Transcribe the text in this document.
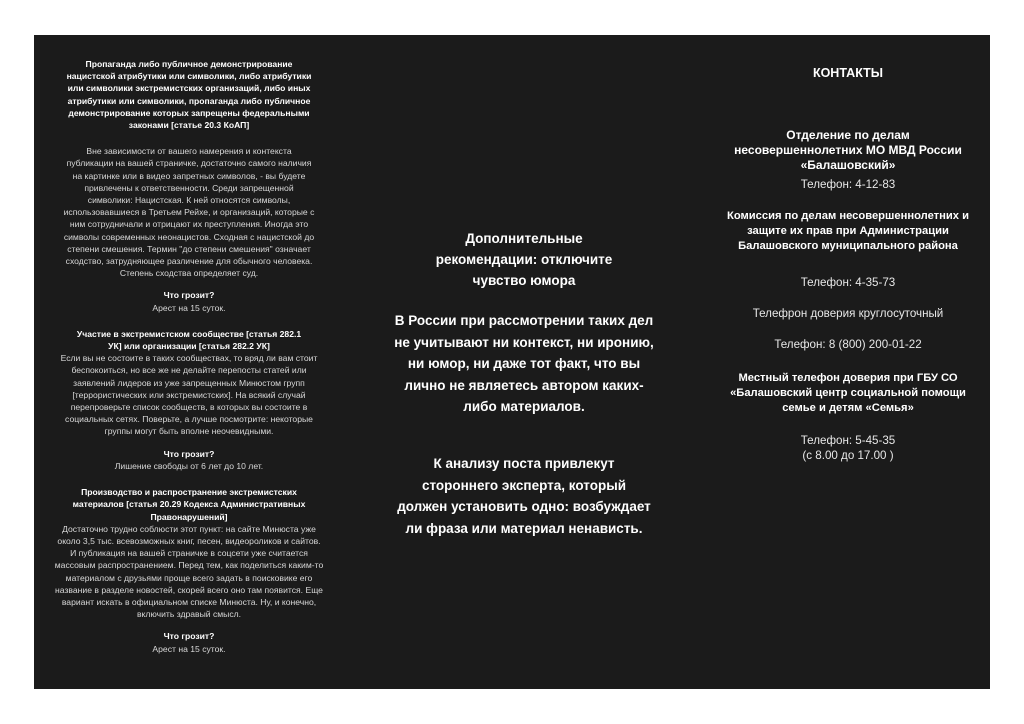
Пропаганда либо публичное демонстрирование нацистской атрибутики или символики, либо атрибутики или символики экстремистских организаций, либо иных атрибутики или символики, пропаганда либо публичное демонстрирование которых запрещены федеральными законами [статье 20.3 КоАП]
Вне зависимости от вашего намерения и контекста публикации на вашей страничке, достаточно самого наличия на картинке или в видео запретных символов, - вы будете привлечены к ответственности. Среди запрещенной символики: Нацистская. К ней относятся символы, использовавшиеся в Третьем Рейхе, и организаций, которые с ним сотрудничали и отрицают их преступления. Иногда это символы современных неонацистов. Сходная с нацистской до степени смешения. Термин "до степени смешения" означает сходство, затрудняющее различение для обычного человека. Степень сходства определяет суд.
Что грозит?
Арест на 15 суток.
Участие в экстремистском сообществе [статья 282.1 УК] или организации [статья 282.2 УК]
Если вы не состоите в таких сообществах, то вряд ли вам стоит беспокоиться, но все же не делайте перепосты статей или заявлений лидеров из уже запрещенных Минюстом групп [террористических или экстремистских]. На всякий случай перепроверьте список сообществ, в которых вы состоите в социальных сетях. Поверьте, а лучше посмотрите: некоторые группы могут быть вполне неочевидными.
Что грозит?
Лишение свободы от 6 лет до 10 лет.
Производство и распространение экстремистских материалов [статья 20.29 Кодекса Административных Правонарушений]
Достаточно трудно соблюсти этот пункт: на сайте Минюста уже около 3,5 тыс. всевозможных книг, песен, видеороликов и сайтов. И публикация на вашей страничке в соцсети уже считается массовым распространением. Перед тем, как поделиться каким-то материалом с друзьями проще всего задать в поисковике его название в разделе новостей, скорей всего оно там появится. Еще вариант искать в официальном списке Минюста. Ну, и конечно, включить здравый смысл.
Что грозит?
Арест на 15 суток.
Дополнительные рекомендации: отключите чувство юмора
В России при рассмотрении таких дел не учитывают ни контекст, ни иронию, ни юмор, ни даже тот факт, что вы лично не являетесь автором каких-либо материалов.
К анализу поста привлекут стороннего эксперта, который должен установить одно: возбуждает ли фраза или материал ненависть.
КОНТАКТЫ
Отделение по делам несовершеннолетних МО МВД России «Балашовский»
Телефон: 4-12-83
Комиссия по делам несовершеннолетних и защите их прав при Администрации Балашовского муниципального района
Телефон: 4-35-73
Телефрон доверия круглосуточный
Телефон: 8 (800) 200-01-22
Местный телефон доверия при ГБУ СО «Балашовский центр социальной помощи семье и детям «Семья»
Телефон: 5-45-35
(с 8.00 до 17.00 )
